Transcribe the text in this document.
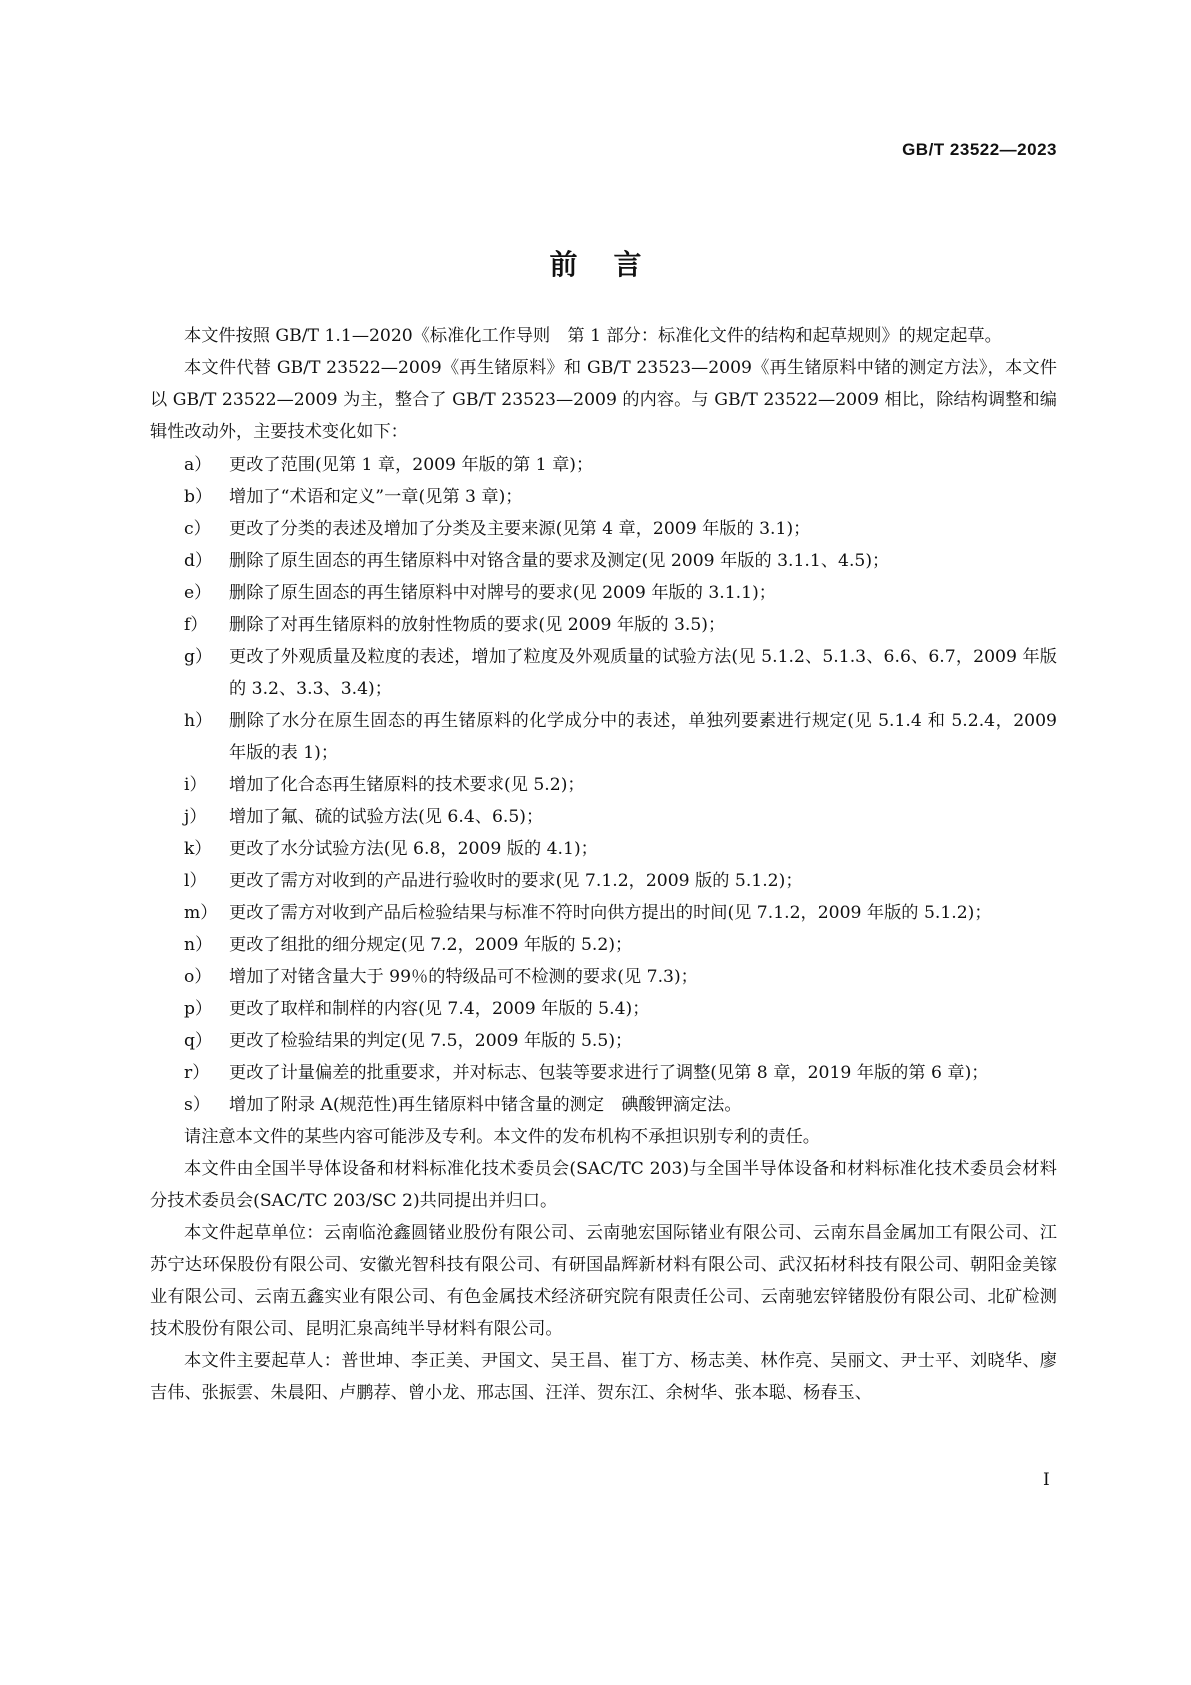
GB/T 23522—2023
前言

本文件按照 GB/T 1.1—2020《标准化工作导则　第 1 部分：标准化文件的结构和起草规则》的规定起草。

本文件代替 GB/T 23522—2009《再生锗原料》和 GB/T 23523—2009《再生锗原料中锗的测定方法》，本文件以 GB/T 23522—2009 为主，整合了 GB/T 23523—2009 的内容。与 GB/T 23522—2009 相比，除结构调整和编辑性改动外，主要技术变化如下：

a） 更改了范围(见第 1 章，2009 年版的第 1 章)；
b） 增加了“术语和定义”一章(见第 3 章)；
c） 更改了分类的表述及增加了分类及主要来源(见第 4 章，2009 年版的 3.1)；
d） 删除了原生固态的再生锗原料中对铬含量的要求及测定(见 2009 年版的 3.1.1、4.5)；
e） 删除了原生固态的再生锗原料中对牌号的要求(见 2009 年版的 3.1.1)；
f） 删除了对再生锗原料的放射性物质的要求(见 2009 年版的 3.5)；
g） 更改了外观质量及粒度的表述，增加了粒度及外观质量的试验方法(见 5.1.2、5.1.3、6.6、6.7，2009 年版的 3.2、3.3、3.4)；
h） 删除了水分在原生固态的再生锗原料的化学成分中的表述，单独列要素进行规定(见 5.1.4 和 5.2.4，2009 年版的表 1)；
i） 增加了化合态再生锗原料的技术要求(见 5.2)；
j） 增加了氟、硫的试验方法(见 6.4、6.5)；
k） 更改了水分试验方法(见 6.8，2009 版的 4.1)；
l） 更改了需方对收到的产品进行验收时的要求(见 7.1.2，2009 版的 5.1.2)；
m） 更改了需方对收到产品后检验结果与标准不符时向供方提出的时间(见 7.1.2，2009 年版的 5.1.2)；
n） 更改了组批的细分规定(见 7.2，2009 年版的 5.2)；
o） 增加了对锗含量大于 99％的特级品可不检测的要求(见 7.3)；
p） 更改了取样和制样的内容(见 7.4，2009 年版的 5.4)；
q） 更改了检验结果的判定(见 7.5，2009 年版的 5.5)；
r） 更改了计量偏差的批重要求，并对标志、包装等要求进行了调整(见第 8 章，2019 年版的第 6 章)；
s） 增加了附录 A(规范性)再生锗原料中锗含量的测定　碘酸钾滴定法。

请注意本文件的某些内容可能涉及专利。本文件的发布机构不承担识别专利的责任。

本文件由全国半导体设备和材料标准化技术委员会(SAC/TC 203)与全国半导体设备和材料标准化技术委员会材料分技术委员会(SAC/TC 203/SC 2)共同提出并归口。

本文件起草单位：云南临沧鑫圆锗业股份有限公司、云南驰宏国际锗业有限公司、云南东昌金属加工有限公司、江苏宁达环保股份有限公司、安徽光智科技有限公司、有研国晶辉新材料有限公司、武汉拓材科技有限公司、朝阳金美镓业有限公司、云南五鑫实业有限公司、有色金属技术经济研究院有限责任公司、云南驰宏锌锗股份有限公司、北矿检测技术股份有限公司、昆明汇泉高纯半导材料有限公司。

本文件主要起草人：普世坤、李正美、尹国文、吴王昌、崔丁方、杨志美、林作亮、吴丽文、尹士平、刘晓华、廖吉伟、张振雲、朱晨阳、卢鹏荐、曾小龙、邢志国、汪洋、贺东江、余树华、张本聪、杨春玉、

Ⅰ
